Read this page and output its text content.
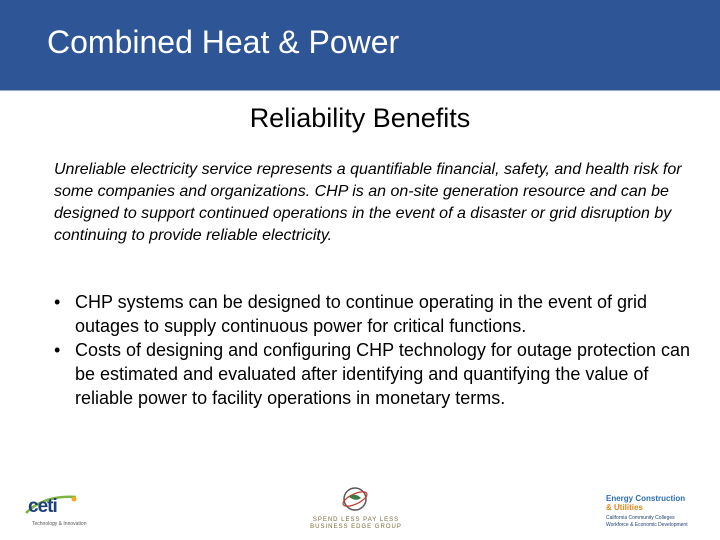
Combined Heat & Power
Reliability Benefits
Unreliable electricity service represents a quantifiable financial, safety, and health risk for some companies and organizations. CHP is an on-site generation resource and can be designed to support continued operations in the event of a disaster or grid disruption by continuing to provide reliable electricity.
• CHP systems can be designed to continue operating in the event of grid outages to supply continuous power for critical functions.
• Costs of designing and configuring CHP technology for outage protection can be estimated and evaluated after identifying and quantifying the value of reliable power to facility operations in monetary terms.
ceti
Technology & Innovation
SPEND LESS PAY LESS
BUSINESS EDGE GROUP
Energy Construction
& Utilities
California Community Colleges
Workforce & Economic Development
